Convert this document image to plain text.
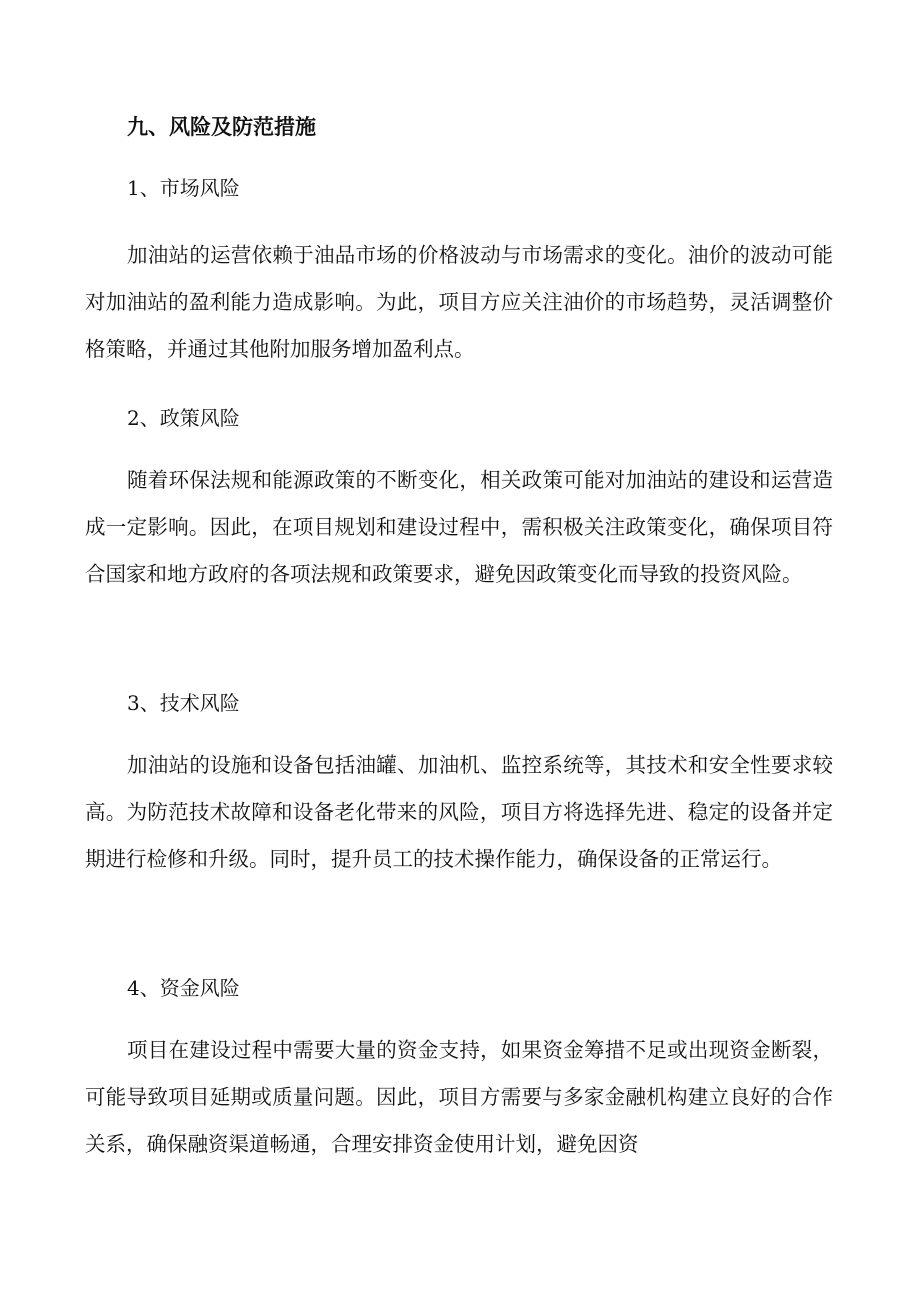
九、风险及防范措施
1、市场风险

加油站的运营依赖于油品市场的价格波动与市场需求的变化。油价的波动可能对加油站的盈利能力造成影响。为此，项目方应关注油价的市场趋势，灵活调整价格策略，并通过其他附加服务增加盈利点。

2、政策风险

随着环保法规和能源政策的不断变化，相关政策可能对加油站的建设和运营造成一定影响。因此，在项目规划和建设过程中，需积极关注政策变化，确保项目符合国家和地方政府的各项法规和政策要求，避免因政策变化而导致的投资风险。

3、技术风险

加油站的设施和设备包括油罐、加油机、监控系统等，其技术和安全性要求较高。为防范技术故障和设备老化带来的风险，项目方将选择先进、稳定的设备并定期进行检修和升级。同时，提升员工的技术操作能力，确保设备的正常运行。

4、资金风险

项目在建设过程中需要大量的资金支持，如果资金筹措不足或出现资金断裂，可能导致项目延期或质量问题。因此，项目方需要与多家金融机构建立良好的合作关系，确保融资渠道畅通，合理安排资金使用计划，避免因资
